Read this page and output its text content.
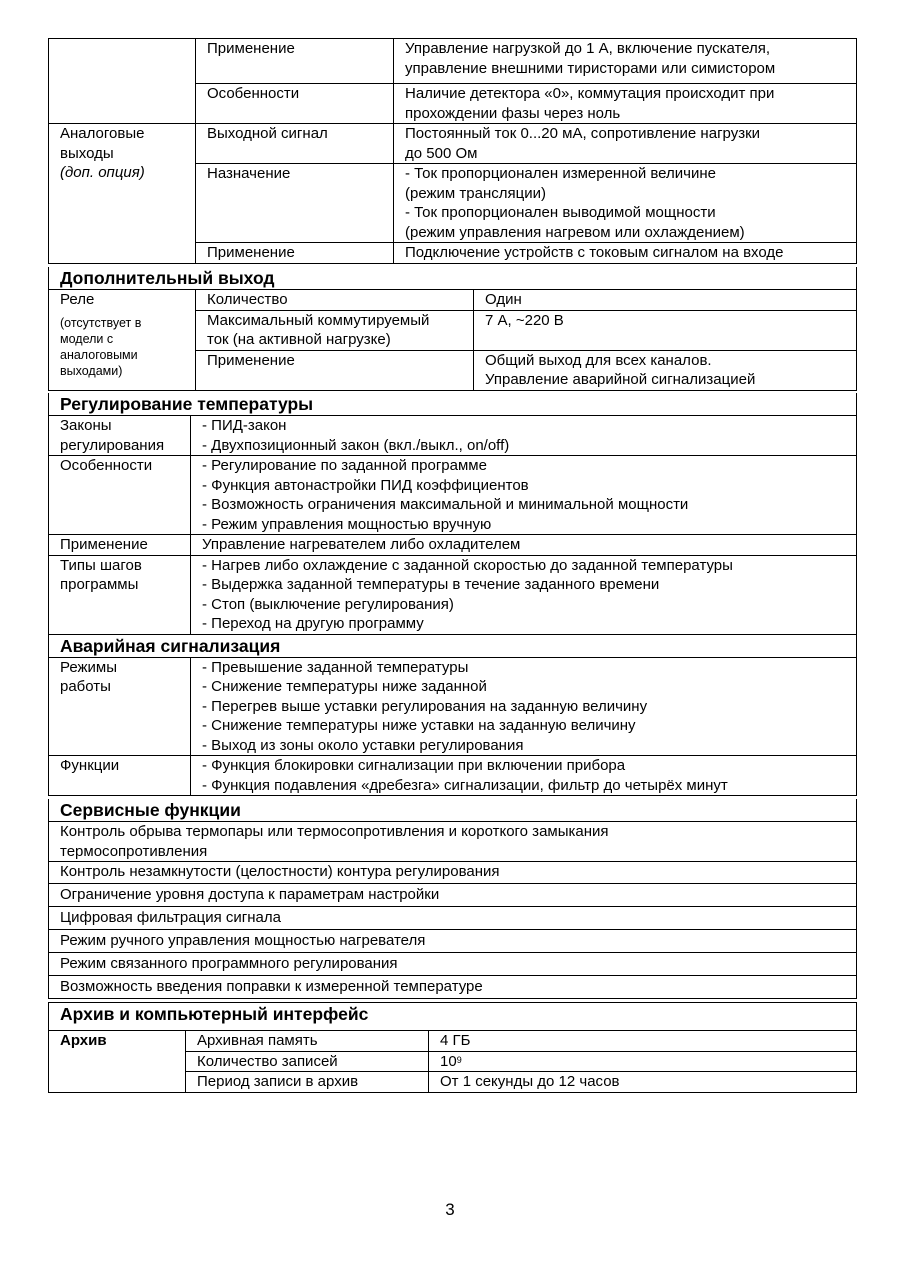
	Применение	Управление нагрузкой до 1 А, включение пускателя,
управление внешними тиристорами или симистором
	Особенности	Наличие детектора «0», коммутация происходит при
прохождении фазы через ноль
Аналоговые
выходы
(доп. опция)	Выходной сигнал	Постоянный ток 0...20 мА, сопротивление нагрузки
до 500 Ом
	Назначение	- Ток пропорционален измеренной величине
(режим трансляции)
- Ток пропорционален выводимой мощности
(режим управления нагревом или охлаждением)
	Применение	Подключение устройств с токовым сигналом на входе
Дополнительный выход		
Реле
(отсутствует в
модели с
аналоговыми
выходами)	Количество	Один
	Максимальный коммутируемый
ток (на активной нагрузке)	7 А, ~220 В
	Применение	Общий выход для всех каналов.
Управление аварийной сигнализацией
Регулирование температуры	
Законы
регулирования	- ПИД-закон
- Двухпозиционный закон (вкл./выкл., on/off)
Особенности	- Регулирование по заданной программе
- Функция автонастройки ПИД коэффициентов
- Возможность ограничения максимальной и минимальной мощности
- Режим управления мощностью вручную
Применение	Управление нагревателем либо охладителем
Типы шагов
программы	- Нагрев либо охлаждение с заданной скоростью до заданной температуры
- Выдержка заданной температуры в течение заданного времени
- Стоп (выключение регулирования)
- Переход на другую программу
Аварийная сигнализация	
Режимы
работы	- Превышение заданной температуры
- Снижение температуры ниже заданной
- Перегрев выше уставки регулирования на заданную величину
- Снижение температуры ниже уставки на заданную величину
- Выход из зоны около уставки регулирования
Функции	- Функция блокировки сигнализации при включении прибора
- Функция подавления «дребезга» сигнализации, фильтр до четырёх минут
Сервисные функции
Контроль обрыва термопары или термосопротивления и короткого замыкания
термосопротивления
Контроль незамкнутости (целостности) контура регулирования
Ограничение уровня доступа к параметрам настройки
Цифровая фильтрация сигнала
Режим ручного управления мощностью нагревателя
Режим связанного программного регулирования
Возможность введения поправки к измеренной температуре
Архив и компьютерный интерфейс		
Архив	Архивная память	4 ГБ
	Количество записей	$10^9$
	Период записи в архив	От 1 секунды до 12 часов
3
